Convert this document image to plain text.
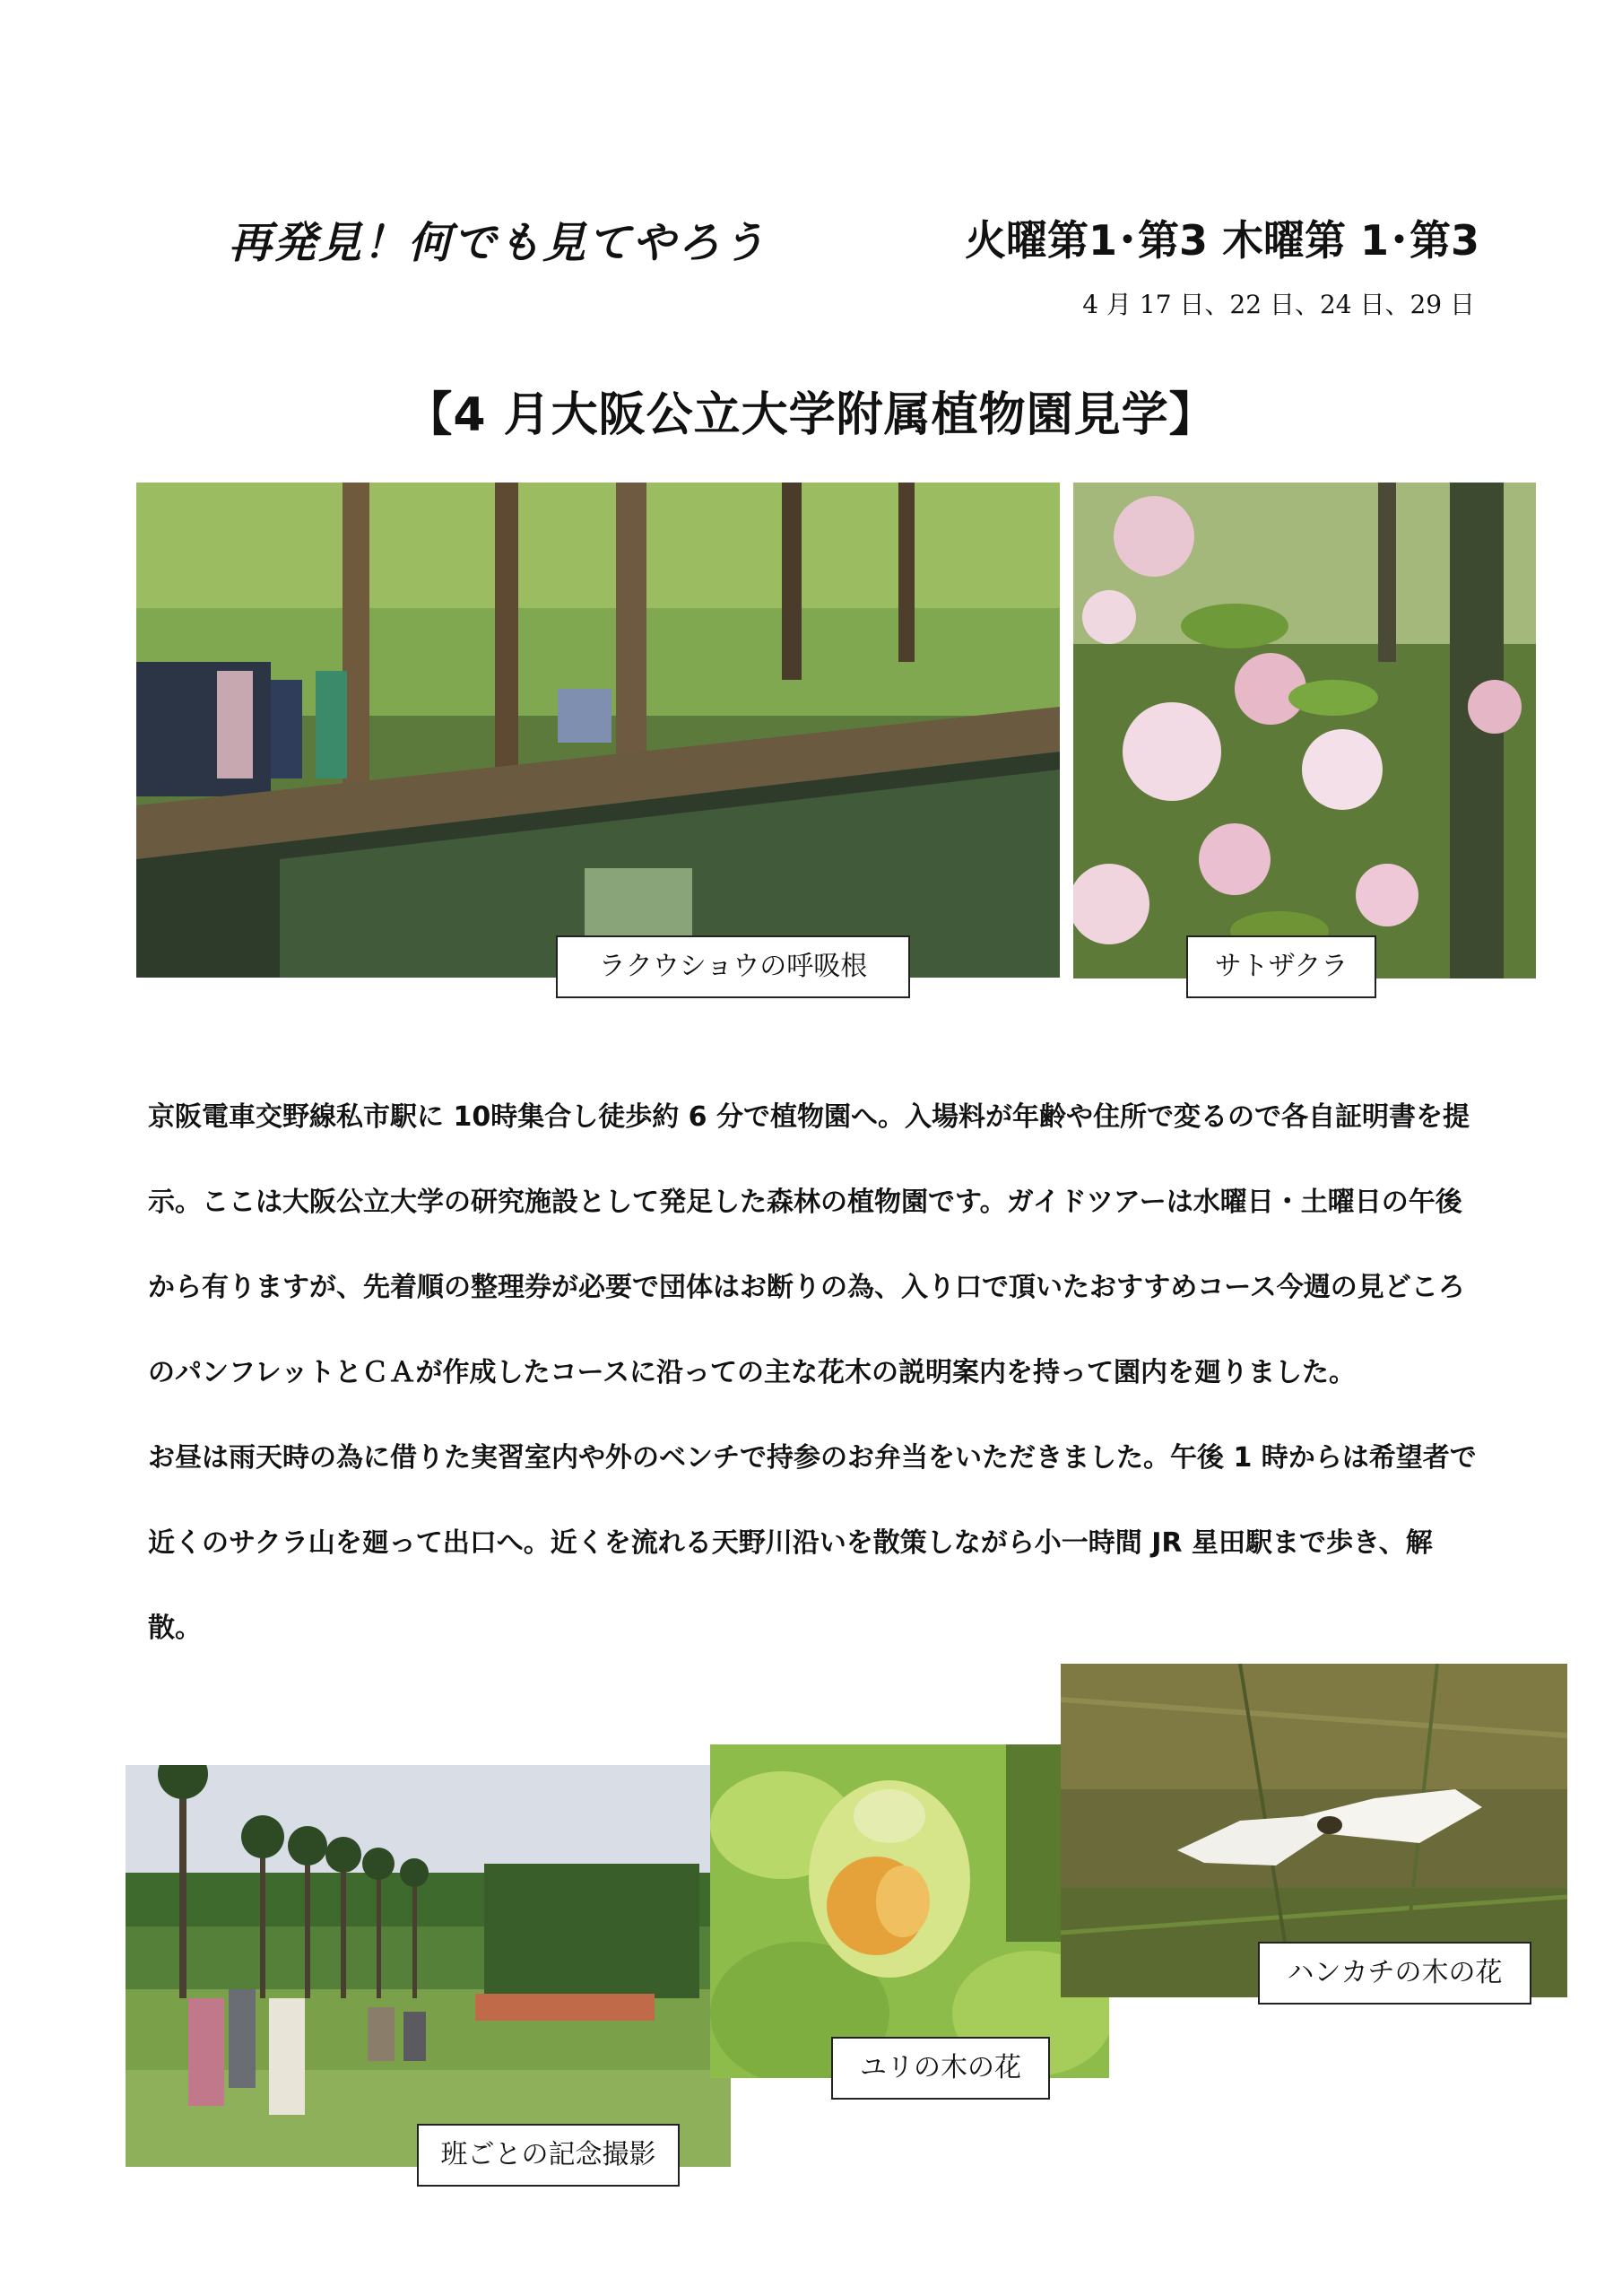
再発見！何でも見てやろう	火曜第1･第3 木曜第 1･第3
4 月 17 日、22 日、24 日、29 日
【4 月大阪公立大学附属植物園見学】
ラクウショウの呼吸根	サトザクラ

京阪電車交野線私市駅に 10時集合し徒歩約 6 分で植物園へ。入場料が年齢や住所で変るので各自証明書を提示。ここは大阪公立大学の研究施設として発足した森林の植物園です。ガイドツアーは水曜日・土曜日の午後から有りますが、先着順の整理券が必要で団体はお断りの為、入り口で頂いたおすすめコース今週の見どころのパンフレットとＣＡが作成したコースに沿っての主な花木の説明案内を持って園内を廻りました。

お昼は雨天時の為に借りた実習室内や外のベンチで持参のお弁当をいただきました。午後 1 時からは希望者で近くのサクラ山を廻って出口へ。近くを流れる天野川沿いを散策しながら小一時間 JR 星田駅まで歩き、解散。

班ごとの記念撮影
ユリの木の花
ハンカチの木の花
